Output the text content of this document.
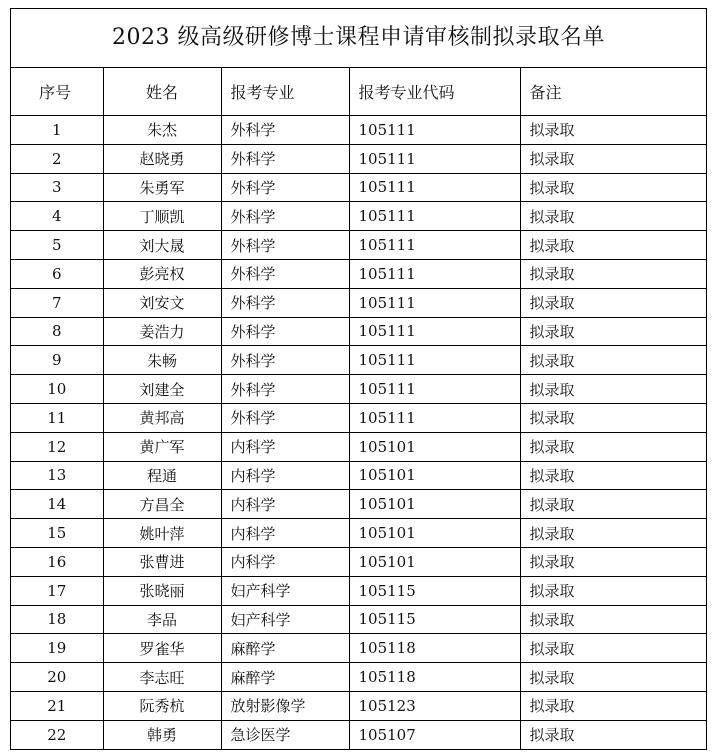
2023 级高级研修博士课程申请审核制拟录取名单
序号	姓名	报考专业	报考专业代码	备注
1	朱杰	外科学	105111	拟录取
2	赵晓勇	外科学	105111	拟录取
3	朱勇军	外科学	105111	拟录取
4	丁顺凯	外科学	105111	拟录取
5	刘大晟	外科学	105111	拟录取
6	彭亮权	外科学	105111	拟录取
7	刘安文	外科学	105111	拟录取
8	姜浩力	外科学	105111	拟录取
9	朱畅	外科学	105111	拟录取
10	刘建全	外科学	105111	拟录取
11	黄邦高	外科学	105111	拟录取
12	黄广军	内科学	105101	拟录取
13	程通	内科学	105101	拟录取
14	方昌全	内科学	105101	拟录取
15	姚叶萍	内科学	105101	拟录取
16	张曹进	内科学	105101	拟录取
17	张晓丽	妇产科学	105115	拟录取
18	李品	妇产科学	105115	拟录取
19	罗雀华	麻醉学	105118	拟录取
20	李志旺	麻醉学	105118	拟录取
21	阮秀杭	放射影像学	105123	拟录取
22	韩勇	急诊医学	105107	拟录取
